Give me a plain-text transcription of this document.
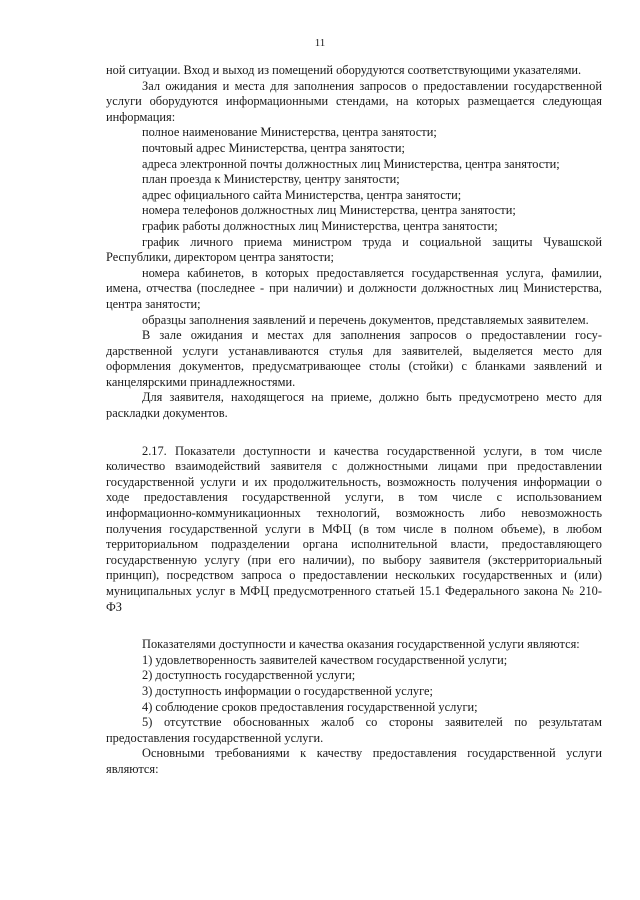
11

ной ситуации. Вход и выход из помещений оборудуются соответствующими указателями.

Зал ожидания и места для заполнения запросов о предоставлении государственной услуги оборудуются информационными стендами, на которых размещается следующая информация:

полное наименование Министерства, центра занятости;

почтовый адрес Министерства, центра занятости;

адреса электронной почты должностных лиц Министерства, центра занятости;

план проезда к Министерству, центру занятости;

адрес официального сайта Министерства, центра занятости;

номера телефонов должностных лиц Министерства, центра занятости;

график работы должностных лиц Министерства, центра занятости;

график личного приема министром труда и социальной защиты Чувашской Республики, директором центра занятости;

номера кабинетов, в которых предоставляется государственная услуга, фамилии, имена, отчества (последнее - при наличии) и должности должностных лиц Министерства, центра занятости;

образцы заполнения заявлений и перечень документов, представляемых заявителем.

В зале ожидания и местах для заполнения запросов о предоставлении государственной услуги устанавливаются стулья для заявителей, выделяется место для оформления документов, предусматривающее столы (стойки) с бланками заявлений и канцелярскими принадлежностями.

Для заявителя, находящегося на приеме, должно быть предусмотрено место для раскладки документов.

2.17. Показатели доступности и качества государственной услуги, в том числе количество взаимодействий заявителя с должностными лицами при предоставлении государственной услуги и их продолжительность, возможность получения информации о ходе предоставления государственной услуги, в том числе с использованием информационно-коммуникационных технологий, возможность либо невозможность получения государственной услуги в МФЦ (в том числе в полном объеме), в любом территориальном подразделении органа исполнительной власти, предоставляющего государственную услугу (при его наличии), по выбору заявителя (экстерриториальный принцип), посредством запроса о предоставлении нескольких государственных и (или) муниципальных услуг в МФЦ предусмотренного статьей 15.1 Федерального закона № 210-ФЗ

Показателями доступности и качества оказания государственной услуги являются:

1) удовлетворенность заявителей качеством государственной услуги;

2) доступность государственной услуги;

3) доступность информации о государственной услуге;

4) соблюдение сроков предоставления государственной услуги;

5) отсутствие обоснованных жалоб со стороны заявителей по результатам предоставления государственной услуги.

Основными требованиями к качеству предоставления государственной услуги являются:
